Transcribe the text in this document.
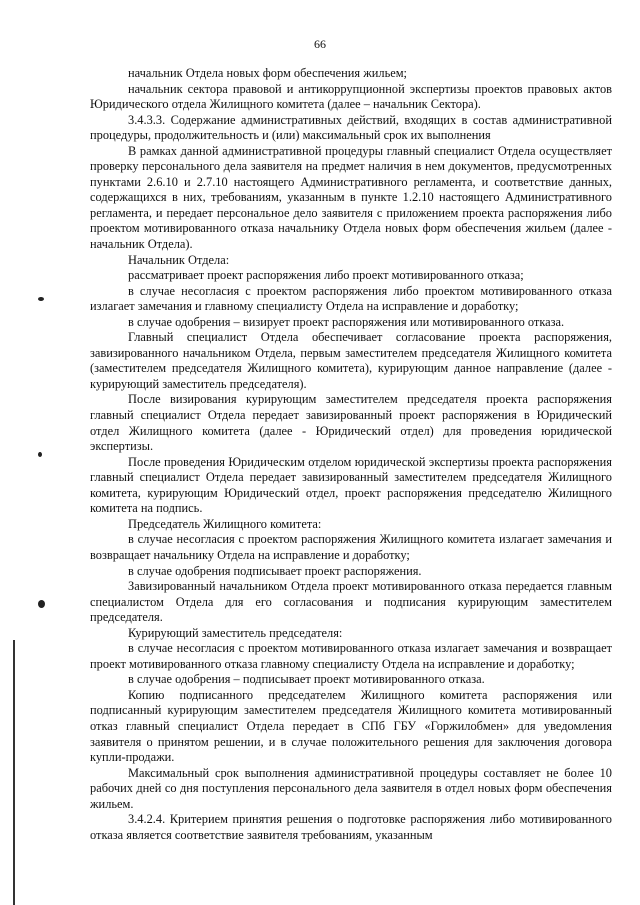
66

начальник Отдела новых форм обеспечения жильем;

начальник сектора правовой и антикоррупционной экспертизы проектов правовых актов Юридического отдела Жилищного комитета (далее – начальник Сектора).

3.4.3.3. Содержание административных действий, входящих в состав административной процедуры, продолжительность и (или) максимальный срок их выполнения

В рамках данной административной процедуры главный специалист Отдела осуществляет проверку персонального дела заявителя на предмет наличия в нем документов, предусмотренных пунктами 2.6.10 и 2.7.10 настоящего Административного регламента, и соответствие данных, содержащихся в них, требованиям, указанным в пункте 1.2.10 настоящего Административного регламента, и передает персональное дело заявителя с приложением проекта распоряжения либо проектом мотивированного отказа начальнику Отдела новых форм обеспечения жильем (далее - начальник Отдела).

Начальник Отдела:

рассматривает проект распоряжения либо проект мотивированного отказа;

в случае несогласия с проектом распоряжения либо проектом мотивированного отказа излагает замечания и главному специалисту Отдела на исправление и доработку;

в случае одобрения – визирует проект распоряжения или мотивированного отказа.

Главный специалист Отдела обеспечивает согласование проекта распоряжения, завизированного начальником Отдела, первым заместителем председателя Жилищного комитета (заместителем председателя Жилищного комитета), курирующим данное направление (далее - курирующий заместитель председателя).

После визирования курирующим заместителем председателя проекта распоряжения главный специалист Отдела передает завизированный проект распоряжения в Юридический отдел Жилищного комитета (далее - Юридический отдел) для проведения юридической экспертизы.

После проведения Юридическим отделом юридической экспертизы проекта распоряжения главный специалист Отдела передает завизированный заместителем председателя Жилищного комитета, курирующим Юридический отдел, проект распоряжения председателю Жилищного комитета на подпись.

Председатель Жилищного комитета:

в случае несогласия с проектом распоряжения Жилищного комитета излагает замечания и возвращает начальнику Отдела на исправление и доработку;

в случае одобрения подписывает проект распоряжения.

Завизированный начальником Отдела проект мотивированного отказа передается главным специалистом Отдела для его согласования и подписания курирующим заместителем председателя.

Курирующий заместитель председателя:

в случае несогласия с проектом мотивированного отказа излагает замечания и возвращает проект мотивированного отказа главному специалисту Отдела на исправление и доработку;

в случае одобрения – подписывает проект мотивированного отказа.

Копию подписанного председателем Жилищного комитета распоряжения или подписанный курирующим заместителем председателя Жилищного комитета мотивированный отказ главный специалист Отдела передает в СПб ГБУ «Горжилобмен» для уведомления заявителя о принятом решении, и в случае положительного решения для заключения договора купли-продажи.

Максимальный срок выполнения административной процедуры составляет не более 10 рабочих дней со дня поступления персонального дела заявителя в отдел новых форм обеспечения жильем.

3.4.2.4. Критерием принятия решения о подготовке распоряжения либо мотивированного отказа является соответствие заявителя требованиям, указанным
